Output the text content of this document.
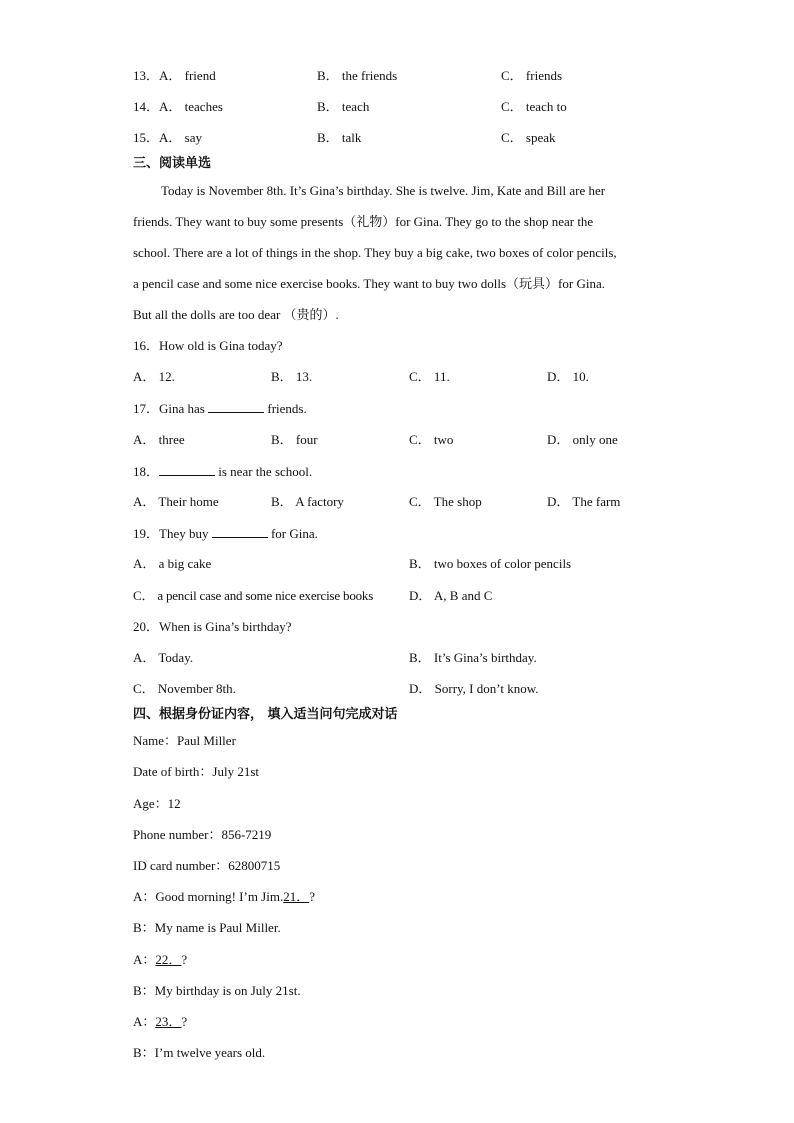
13．A． friend	B． the friends	C． friends
14．A． teaches	B． teach	C． teach to
15．A． say	B． talk	C． speak
三、阅读单选
Today is November 8th. It’s Gina’s birthday. She is twelve. Jim, Kate and Bill are her
friends. They want to buy some presents（礼物）for Gina. They go to the shop near the
school. There are a lot of things in the shop. They buy a big cake, two boxes of color pencils,
a pencil case and some nice exercise books. They want to buy two dolls（玩具）for Gina.
But all the dolls are too dear （贵的）.
16．How old is Gina today?
A． 12.	B． 13.	C． 11.	D． 10.
17．Gina has	friends.
A． three	B． four	C． two	D． only one
18．	is near the school.
A． Their home	B． A factory	C． The shop	D． The farm
19．They buy	for Gina.
A． a big cake	B． two boxes of color pencils
C． a pencil case and some nice exercise books	D． A, B and C
20．When is Gina’s birthday?
A． Today.	B． It’s Gina’s birthday.
C． November 8th.	D． Sorry, I don’t know.
四、根据身份证内容， 填入适当问句完成对话
Name：Paul Miller
Date of birth：July 21st
Age：12
Phone number：856-7219
ID card number：62800715
A：Good morning! I’m Jim.21．?
B：My name is Paul Miller.
A：22．?
B：My birthday is on July 21st.
A：23．?
B：I’m twelve years old.
